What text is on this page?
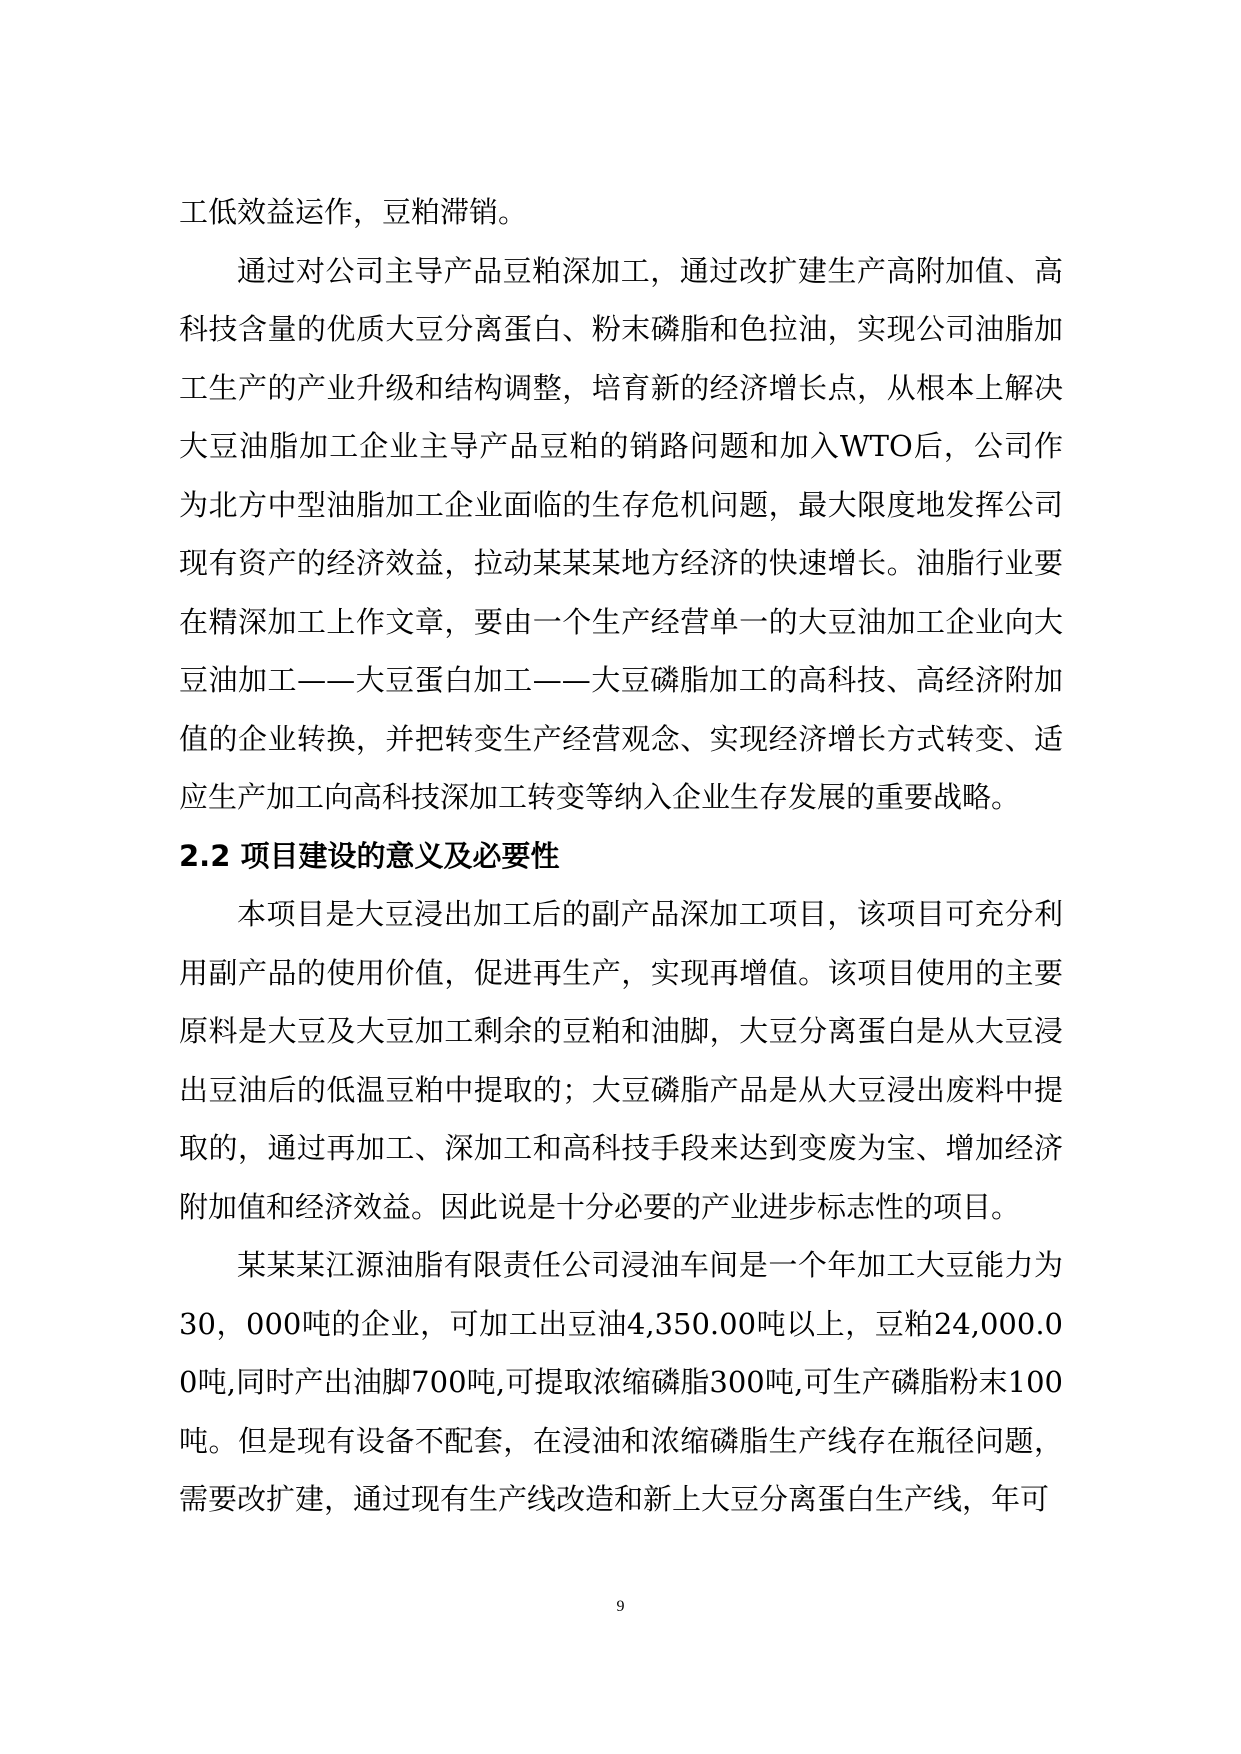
工低效益运作，豆粕滞销。

通过对公司主导产品豆粕深加工，通过改扩建生产高附加值、高科技含量的优质大豆分离蛋白、粉末磷脂和色拉油，实现公司油脂加工生产的产业升级和结构调整，培育新的经济增长点，从根本上解决大豆油脂加工企业主导产品豆粕的销路问题和加入WTO后，公司作为北方中型油脂加工企业面临的生存危机问题，最大限度地发挥公司现有资产的经济效益，拉动某某某地方经济的快速增长。油脂行业要在精深加工上作文章，要由一个生产经营单一的大豆油加工企业向大豆油加工——大豆蛋白加工——大豆磷脂加工的高科技、高经济附加值的企业转换，并把转变生产经营观念、实现经济增长方式转变、适应生产加工向高科技深加工转变等纳入企业生存发展的重要战略。

2.2 项目建设的意义及必要性

本项目是大豆浸出加工后的副产品深加工项目，该项目可充分利用副产品的使用价值，促进再生产，实现再增值。该项目使用的主要原料是大豆及大豆加工剩余的豆粕和油脚，大豆分离蛋白是从大豆浸出豆油后的低温豆粕中提取的；大豆磷脂产品是从大豆浸出废料中提取的，通过再加工、深加工和高科技手段来达到变废为宝、增加经济附加值和经济效益。因此说是十分必要的产业进步标志性的项目。

某某某江源油脂有限责任公司浸油车间是一个年加工大豆能力为30，000吨的企业，可加工出豆油4,350.00吨以上，豆粕24,000.00吨,同时产出油脚700吨,可提取浓缩磷脂300吨,可生产磷脂粉末100吨。但是现有设备不配套，在浸油和浓缩磷脂生产线存在瓶径问题，需要改扩建，通过现有生产线改造和新上大豆分离蛋白生产线，年可

9
